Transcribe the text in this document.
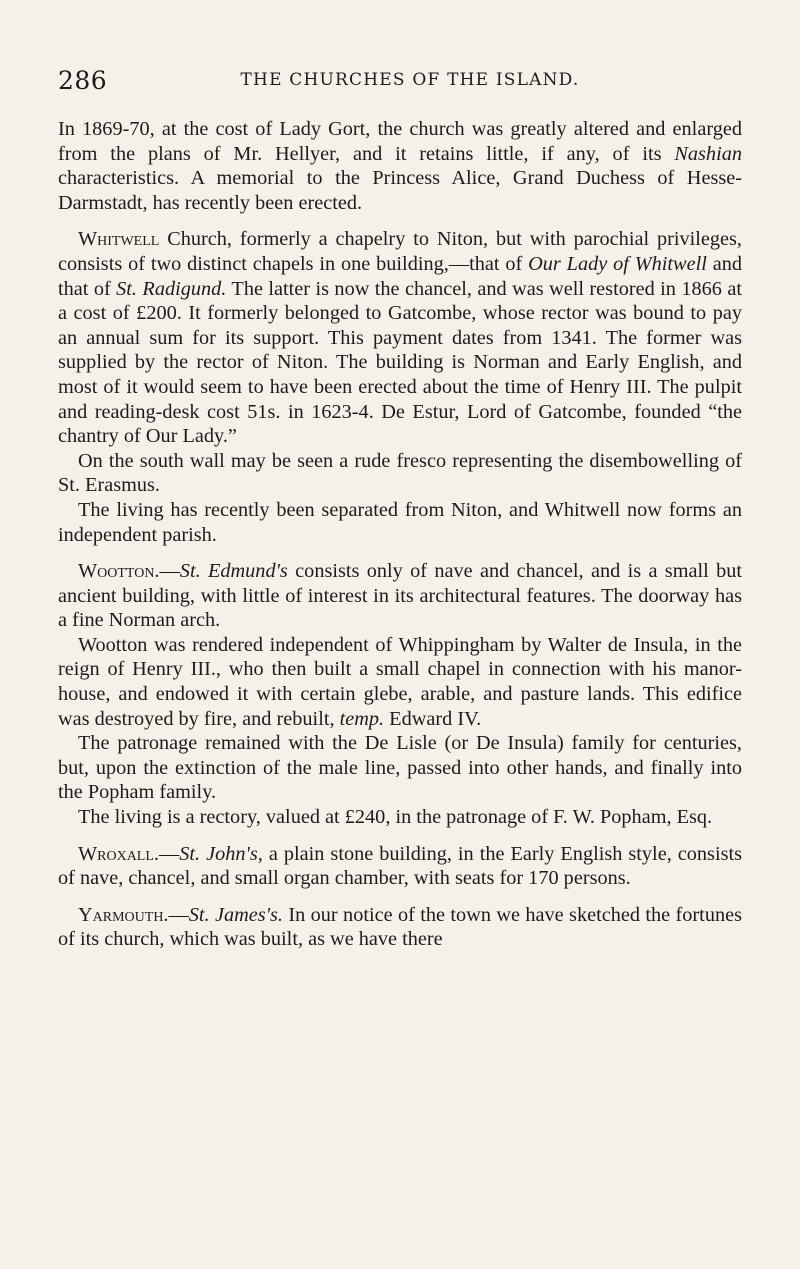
286	THE CHURCHES OF THE ISLAND.

In 1869-70, at the cost of Lady Gort, the church was greatly altered and enlarged from the plans of Mr. Hellyer, and it retains little, if any, of its Nashian characteristics. A memorial to the Princess Alice, Grand Duchess of Hesse-Darmstadt, has recently been erected.

Whitwell Church, formerly a chapelry to Niton, but with parochial privileges, consists of two distinct chapels in one building,—that of Our Lady of Whitwell and that of St. Radigund. The latter is now the chancel, and was well restored in 1866 at a cost of £200. It formerly belonged to Gatcombe, whose rector was bound to pay an annual sum for its support. This payment dates from 1341. The former was supplied by the rector of Niton. The building is Norman and Early English, and most of it would seem to have been erected about the time of Henry III. The pulpit and reading-desk cost 51s. in 1623-4. De Estur, Lord of Gatcombe, founded “the chantry of Our Lady.”

On the south wall may be seen a rude fresco representing the disembowelling of St. Erasmus.

The living has recently been separated from Niton, and Whitwell now forms an independent parish.

Wootton.—St. Edmund's consists only of nave and chancel, and is a small but ancient building, with little of interest in its architectural features. The doorway has a fine Norman arch.

Wootton was rendered independent of Whippingham by Walter de Insula, in the reign of Henry III., who then built a small chapel in connection with his manor-house, and endowed it with certain glebe, arable, and pasture lands. This edifice was destroyed by fire, and rebuilt, temp. Edward IV.

The patronage remained with the De Lisle (or De Insula) family for centuries, but, upon the extinction of the male line, passed into other hands, and finally into the Popham family.

The living is a rectory, valued at £240, in the patronage of F. W. Popham, Esq.

Wroxall.—St. John's, a plain stone building, in the Early English style, consists of nave, chancel, and small organ chamber, with seats for 170 persons.

Yarmouth.—St. James's. In our notice of the town we have sketched the fortunes of its church, which was built, as we have there
